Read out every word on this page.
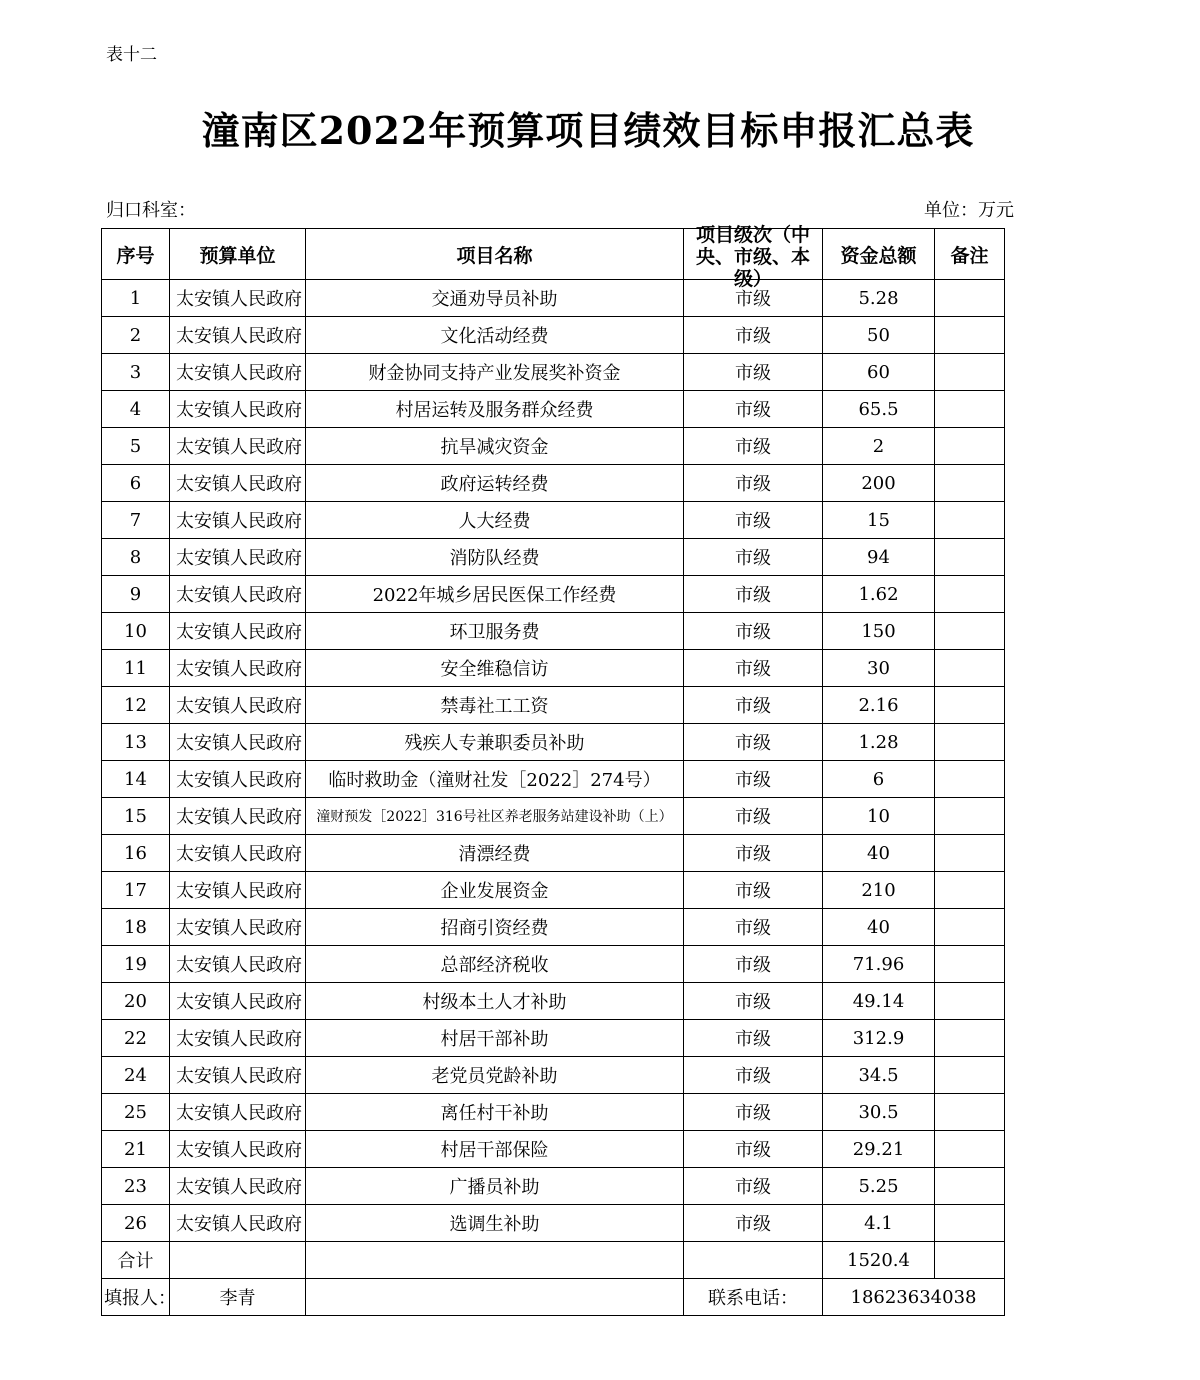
表十二
潼南区2022年预算项目绩效目标申报汇总表
归口科室：	单位：万元
序号	预算单位	项目名称	项目级次（中央、市级、本级）	资金总额	备注
1	太安镇人民政府	交通劝导员补助	市级	5.28	
2	太安镇人民政府	文化活动经费	市级	50	
3	太安镇人民政府	财金协同支持产业发展奖补资金	市级	60	
4	太安镇人民政府	村居运转及服务群众经费	市级	65.5	
5	太安镇人民政府	抗旱减灾资金	市级	2	
6	太安镇人民政府	政府运转经费	市级	200	
7	太安镇人民政府	人大经费	市级	15	
8	太安镇人民政府	消防队经费	市级	94	
9	太安镇人民政府	2022年城乡居民医保工作经费	市级	1.62	
10	太安镇人民政府	环卫服务费	市级	150	
11	太安镇人民政府	安全维稳信访	市级	30	
12	太安镇人民政府	禁毒社工工资	市级	2.16	
13	太安镇人民政府	残疾人专兼职委员补助	市级	1.28	
14	太安镇人民政府	临时救助金（潼财社发［2022］274号）	市级	6	
15	太安镇人民政府	潼财预发［2022］316号社区养老服务站建设补助（上）	市级	10	
16	太安镇人民政府	清漂经费	市级	40	
17	太安镇人民政府	企业发展资金	市级	210	
18	太安镇人民政府	招商引资经费	市级	40	
19	太安镇人民政府	总部经济税收	市级	71.96	
20	太安镇人民政府	村级本土人才补助	市级	49.14	
22	太安镇人民政府	村居干部补助	市级	312.9	
24	太安镇人民政府	老党员党龄补助	市级	34.5	
25	太安镇人民政府	离任村干补助	市级	30.5	
21	太安镇人民政府	村居干部保险	市级	29.21	
23	太安镇人民政府	广播员补助	市级	5.25	
26	太安镇人民政府	选调生补助	市级	4.1	
合计				1520.4	
填报人：	李青		联系电话：	18623634038	
